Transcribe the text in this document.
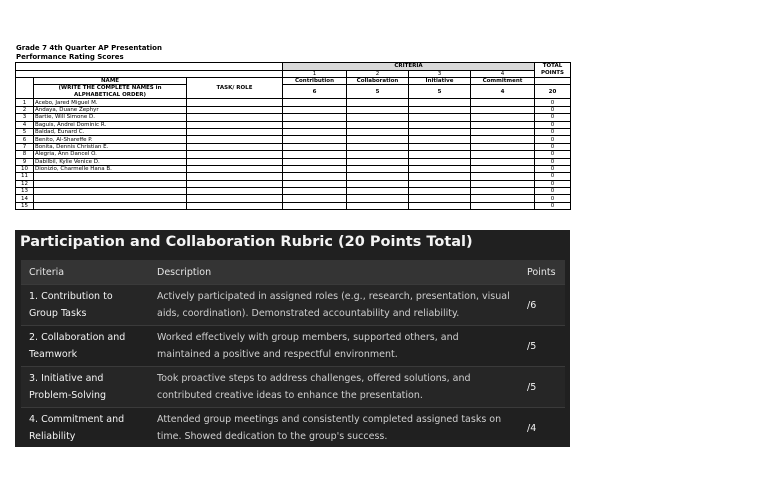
Grade 7 4th Quarter AP Presentation
Performance Rating Scores
			CRITERIA				TOTAL POINTS
			1	2	3	4	
	NAME	TASK/ ROLE	Contribution	Collaboration	Initiative	Commitment	
	(WRITE THE COMPLETE NAMES in ALPHABETICAL ORDER)		6	5	5	4	20
1	Acebo, Jared Miguel M.						0
2	Andaya, Duane Zephyr						0
3	Bartie, Will Simone D.						0
4	Baguis, Andrei Dominic R.						0
5	Baldad, Eunard C.						0
6	Benito, Al-Shareffe P.						0
7	Bonita, Dennis Christian E.						0
8	Alegria, Ann Dancel O.						0
9	Dabilbil, Kylie Venice D.						0
10	Dionizio, Charmelle Hana B.						0
11							0
12							0
13							0
14							0
15							0
Participation and Collaboration Rubric (20 Points Total)
Criteria	Description	Points
1. Contribution to Group Tasks	Actively participated in assigned roles (e.g., research, presentation, visual aids, coordination). Demonstrated accountability and reliability.	/6
2. Collaboration and Teamwork	Worked effectively with group members, supported others, and maintained a positive and respectful environment.	/5
3. Initiative and Problem-Solving	Took proactive steps to address challenges, offered solutions, and contributed creative ideas to enhance the presentation.	/5
4. Commitment and Reliability	Attended group meetings and consistently completed assigned tasks on time. Showed dedication to the group's success.	/4
